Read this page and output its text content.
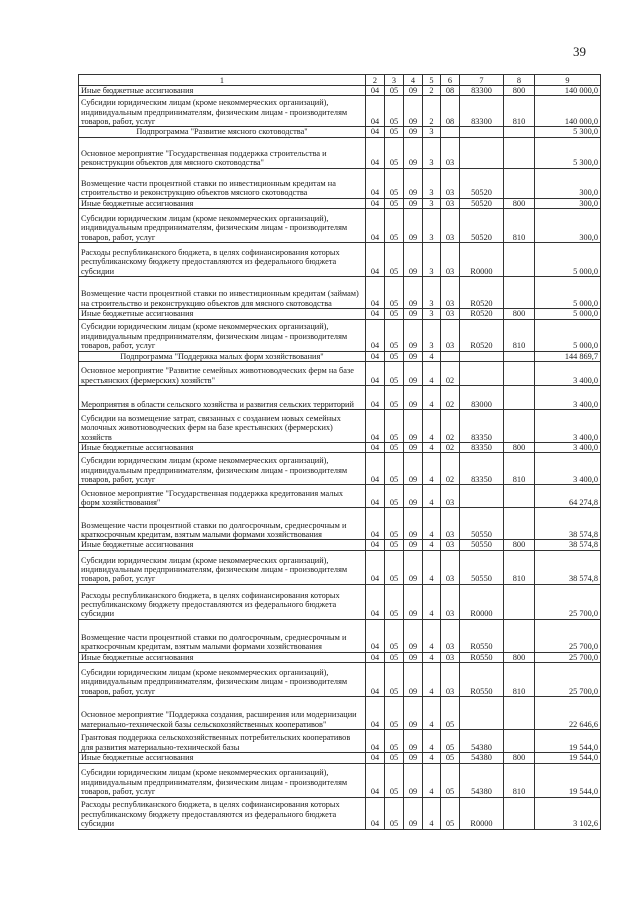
39
1	2	3	4	5	6	7	8	9
Иные бюджетные ассигнования	04	05	09	2	08	83300	800	140 000,0
Субсидии юридическим лицам (кроме некоммерческих организаций), индивидуальным предпринимателям, физическим лицам - производителям товаров, работ, услуг	04	05	09	2	08	83300	810	140 000,0
Подпрограмма "Развитие мясного скотоводства"	04	05	09	3				5 300,0
Основное мероприятие "Государственная поддержка строительства и реконструкции объектов для мясного скотоводства"	04	05	09	3	03			5 300,0
Возмещение части процентной ставки по инвестиционным кредитам на строительство и реконструкцию объектов мясного скотоводства	04	05	09	3	03	50520		300,0
Иные бюджетные ассигнования	04	05	09	3	03	50520	800	300,0
Субсидии юридическим лицам (кроме некоммерческих организаций), индивидуальным предпринимателям, физическим лицам - производителям товаров, работ, услуг	04	05	09	3	03	50520	810	300,0
Расходы республиканского бюджета, в целях софинансирования которых республиканскому бюджету предоставляются из федерального бюджета субсидии	04	05	09	3	03	R0000		5 000,0
Возмещение части процентной ставки по инвестиционным кредитам (займам) на строительство и реконструкцию объектов для мясного скотоводства	04	05	09	3	03	R0520		5 000,0
Иные бюджетные ассигнования	04	05	09	3	03	R0520	800	5 000,0
Субсидии юридическим лицам (кроме некоммерческих организаций), индивидуальным предпринимателям, физическим лицам - производителям товаров, работ, услуг	04	05	09	3	03	R0520	810	5 000,0
Подпрограмма "Поддержка малых форм хозяйствования"	04	05	09	4				144 869,7
Основное мероприятие "Развитие семейных животноводческих ферм на базе крестьянских (фермерских) хозяйств"	04	05	09	4	02			3 400,0
Мероприятия в области сельского хозяйства и развития сельских территорий	04	05	09	4	02	83000		3 400,0
Субсидии на возмещение затрат, связанных с созданием новых семейных молочных животноводческих ферм на базе крестьянских (фермерских) хозяйств	04	05	09	4	02	83350		3 400,0
Иные бюджетные ассигнования	04	05	09	4	02	83350	800	3 400,0
Субсидии юридическим лицам (кроме некоммерческих организаций), индивидуальным предпринимателям, физическим лицам - производителям товаров, работ, услуг	04	05	09	4	02	83350	810	3 400,0
Основное мероприятие "Государственная поддержка кредитования малых форм хозяйствования"	04	05	09	4	03			64 274,8
Возмещение части процентной ставки по долгосрочным, среднесрочным и краткосрочным кредитам, взятым малыми формами хозяйствования	04	05	09	4	03	50550		38 574,8
Иные бюджетные ассигнования	04	05	09	4	03	50550	800	38 574,8
Субсидии юридическим лицам (кроме некоммерческих организаций), индивидуальным предпринимателям, физическим лицам - производителям товаров, работ, услуг	04	05	09	4	03	50550	810	38 574,8
Расходы республиканского бюджета, в целях софинансирования которых республиканскому бюджету предоставляются из федерального бюджета субсидии	04	05	09	4	03	R0000		25 700,0
Возмещение части процентной ставки по долгосрочным, среднесрочным и краткосрочным кредитам, взятым малыми формами хозяйствования	04	05	09	4	03	R0550		25 700,0
Иные бюджетные ассигнования	04	05	09	4	03	R0550	800	25 700,0
Субсидии юридическим лицам (кроме некоммерческих организаций), индивидуальным предпринимателям, физическим лицам - производителям товаров, работ, услуг	04	05	09	4	03	R0550	810	25 700,0
Основное мероприятие "Поддержка создания, расширения или модернизации материально-технической базы сельскохозяйственных кооперативов"	04	05	09	4	05			22 646,6
Грантовая поддержка сельскохозяйственных потребительских кооперативов для развития материально-технической базы	04	05	09	4	05	54380		19 544,0
Иные бюджетные ассигнования	04	05	09	4	05	54380	800	19 544,0
Субсидии юридическим лицам (кроме некоммерческих организаций), индивидуальным предпринимателям, физическим лицам - производителям товаров, работ, услуг	04	05	09	4	05	54380	810	19 544,0
Расходы республиканского бюджета, в целях софинансирования которых республиканскому бюджету предоставляются из федерального бюджета субсидии	04	05	09	4	05	R0000		3 102,6
